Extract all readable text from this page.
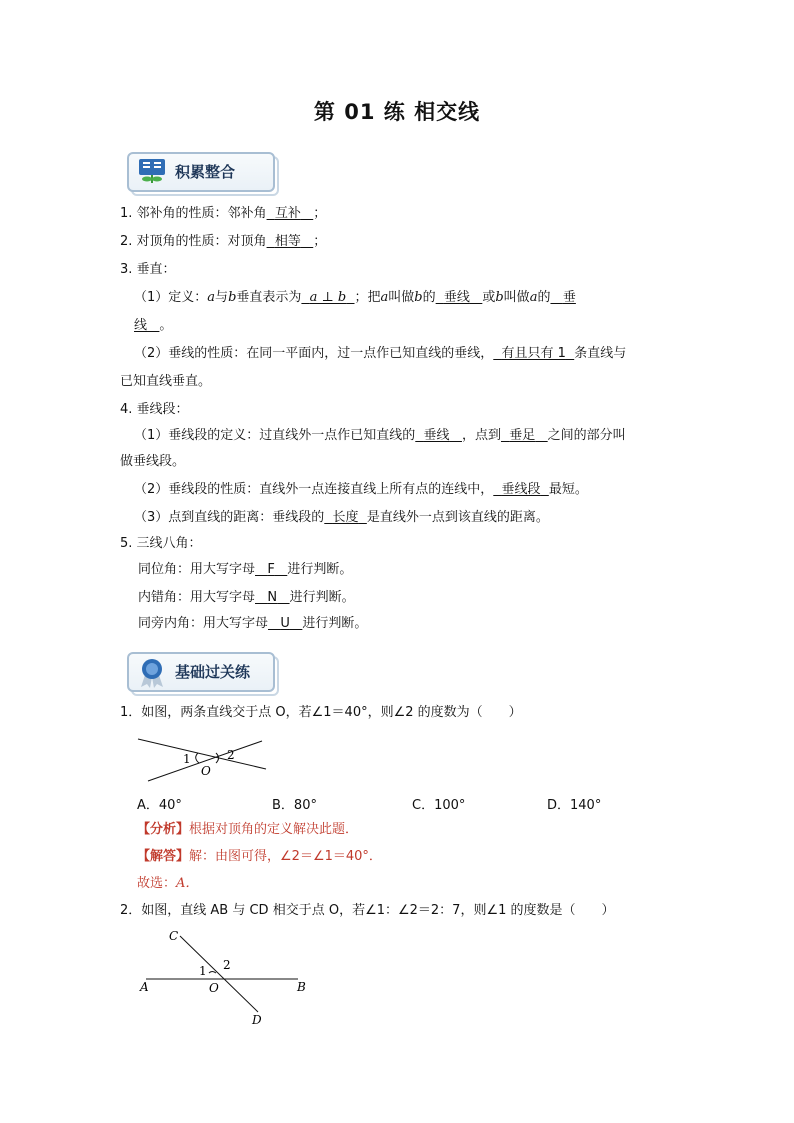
第 01 练 相交线
积累整合
1. 邻补角的性质：邻补角 互补 ；
2. 对顶角的性质：对顶角 相等 ；
3. 垂直：
（1）定义：a与b垂直表示为 a ⊥ b ；把a叫做b的 垂线 或b叫做a的 垂
线 。
（2）垂线的性质：在同一平面内，过一点作已知直线的垂线， 有且只有 1 条直线与
已知直线垂直。
4. 垂线段：
（1）垂线段的定义：过直线外一点作已知直线的 垂线 ，点到 垂足 之间的部分叫
做垂线段。
（2）垂线段的性质：直线外一点连接直线上所有点的连线中， 垂线段 最短。
（3）点到直线的距离：垂线段的 长度 是直线外一点到该直线的距离。
5. 三线八角：
同位角：用大写字母 F 进行判断。
内错角：用大写字母 N 进行判断。
同旁内角：用大写字母 U 进行判断。
基础过关练
1．如图，两条直线交于点 O，若∠1＝40°，则∠2 的度数为（　　）
1	2
O
A．40°	B．80°	C．100°	D．140°
【分析】根据对顶角的定义解决此题．
【解答】解：由图可得，∠2＝∠1＝40°．
故选：A．
2．如图，直线 AB 与 CD 相交于点 O，若∠1：∠2＝2：7，则∠1 的度数是（　　）
C
1 2
A	O	B
D
